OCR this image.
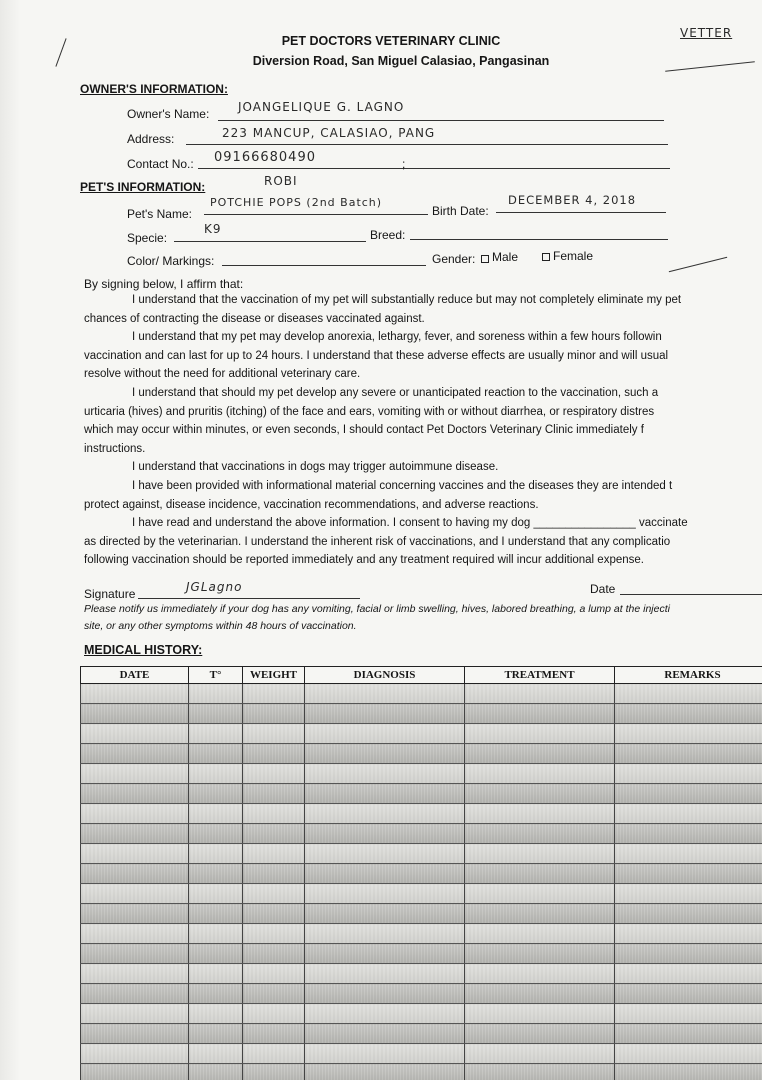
VETTER
PET DOCTORS VETERINARY CLINIC
Diversion Road, San Miguel Calasiao, Pangasinan
OWNER'S INFORMATION:
Owner's Name: JOANGELIQUE G. LAGNO
Address:	223 MANCUP, CALASIAO, PANG
Contact No.: 09166680490	;
PET'S INFORMATION:	ROBI
Pet's Name:
POTCHIE POPS (2nd Batch)
Birth Date:
DECEMBER 4, 2018
Specie:
K9	Breed:
Color/ Markings:	Gender: Male	Female
By signing below, I affirm that:

I understand that the vaccination of my pet will substantially reduce but may not completely eliminate my pet

chances of contracting the disease or diseases vaccinated against.

I understand that my pet may develop anorexia, lethargy, fever, and soreness within a few hours followin

vaccination and can last for up to 24 hours. I understand that these adverse effects are usually minor and will usual

resolve without the need for additional veterinary care.

I understand that should my pet develop any severe or unanticipated reaction to the vaccination, such a

urticaria (hives) and pruritis (itching) of the face and ears, vomiting with or without diarrhea, or respiratory distres

which may occur within minutes, or even seconds, I should contact Pet Doctors Veterinary Clinic immediately f

instructions.

I understand that vaccinations in dogs may trigger autoimmune disease.

I have been provided with informational material concerning vaccines and the diseases they are intended t

protect against, disease incidence, vaccination recommendations, and adverse reactions.

I have read and understand the above information. I consent to having my dog ________________ vaccinate

as directed by the veterinarian. I understand the inherent risk of vaccinations, and I understand that any complicatio

following vaccination should be reported immediately and any treatment required will incur additional expense.

Signature	JGLagno	Date

Please notify us immediately if your dog has any vomiting, facial or limb swelling, hives, labored breathing, a lump at the injecti

site, or any other symptoms within 48 hours of vaccination.

MEDICAL HISTORY:
DATE	T°	WEIGHT	DIAGNOSIS	TREATMENT	REMARKS
